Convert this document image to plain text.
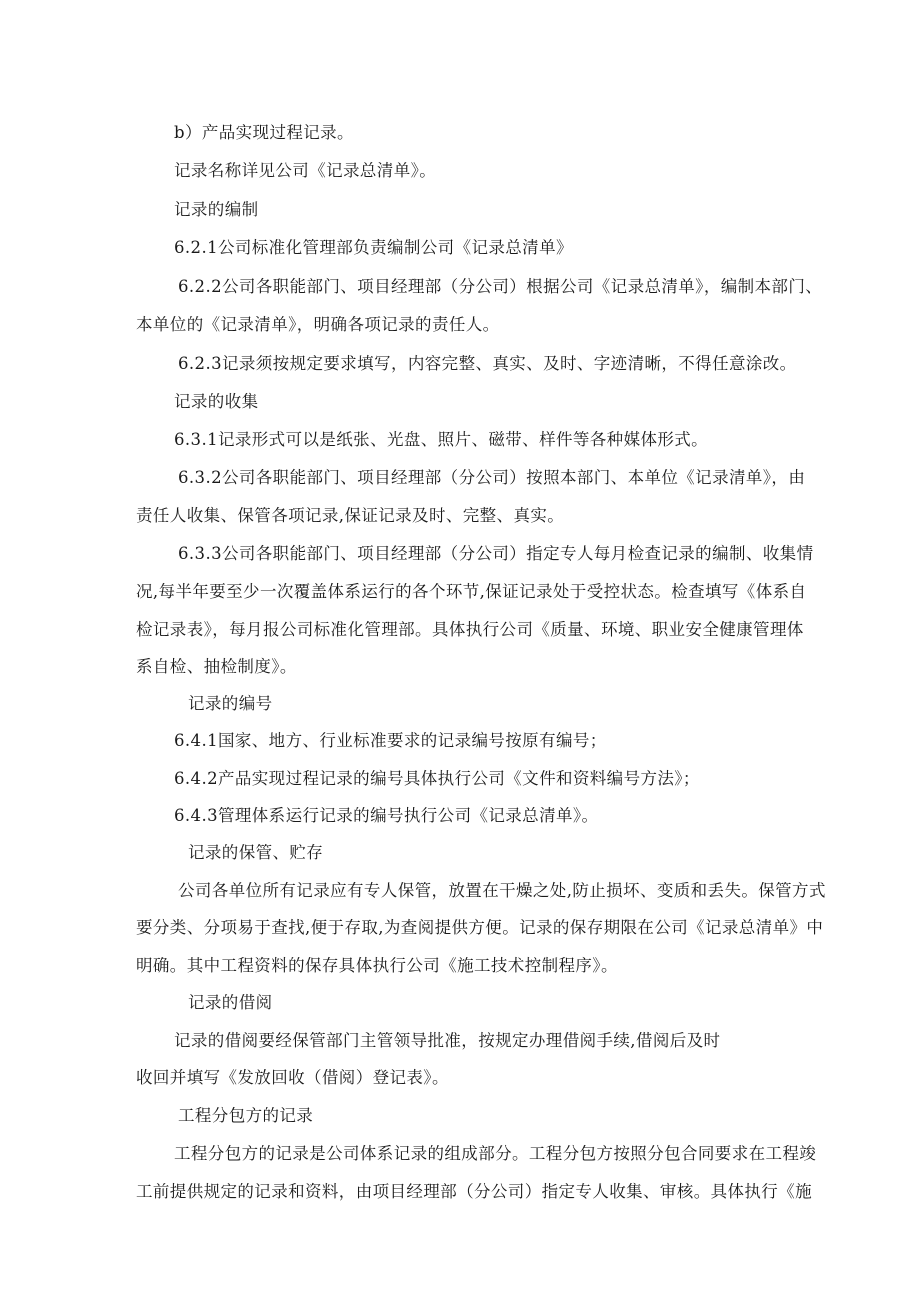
b）产品实现过程记录。
记录名称详见公司《记录总清单》。
记录的编制
6.2.1公司标准化管理部负责编制公司《记录总清单》
6.2.2公司各职能部门、项目经理部（分公司）根据公司《记录总清单》，编制本部门、
本单位的《记录清单》，明确各项记录的责任人。
6.2.3记录须按规定要求填写，内容完整、真实、及时、字迹清晰，不得任意涂改。
记录的收集
6.3.1记录形式可以是纸张、光盘、照片、磁带、样件等各种媒体形式。
6.3.2公司各职能部门、项目经理部（分公司）按照本部门、本单位《记录清单》，由
责任人收集、保管各项记录,保证记录及时、完整、真实。
6.3.3公司各职能部门、项目经理部（分公司）指定专人每月检查记录的编制、收集情
况,每半年要至少一次覆盖体系运行的各个环节,保证记录处于受控状态。检查填写《体系自
检记录表》，每月报公司标准化管理部。具体执行公司《质量、环境、职业安全健康管理体
系自检、抽检制度》。
记录的编号
6.4.1国家、地方、行业标准要求的记录编号按原有编号；
6.4.2产品实现过程记录的编号具体执行公司《文件和资料编号方法》；
6.4.3管理体系运行记录的编号执行公司《记录总清单》。
记录的保管、贮存
公司各单位所有记录应有专人保管，放置在干燥之处,防止损坏、变质和丢失。保管方式
要分类、分项易于查找,便于存取,为查阅提供方便。记录的保存期限在公司《记录总清单》中
明确。其中工程资料的保存具体执行公司《施工技术控制程序》。
记录的借阅
记录的借阅要经保管部门主管领导批准，按规定办理借阅手续,借阅后及时
收回并填写《发放回收（借阅）登记表》。
工程分包方的记录
工程分包方的记录是公司体系记录的组成部分。工程分包方按照分包合同要求在工程竣
工前提供规定的记录和资料，由项目经理部（分公司）指定专人收集、审核。具体执行《施
